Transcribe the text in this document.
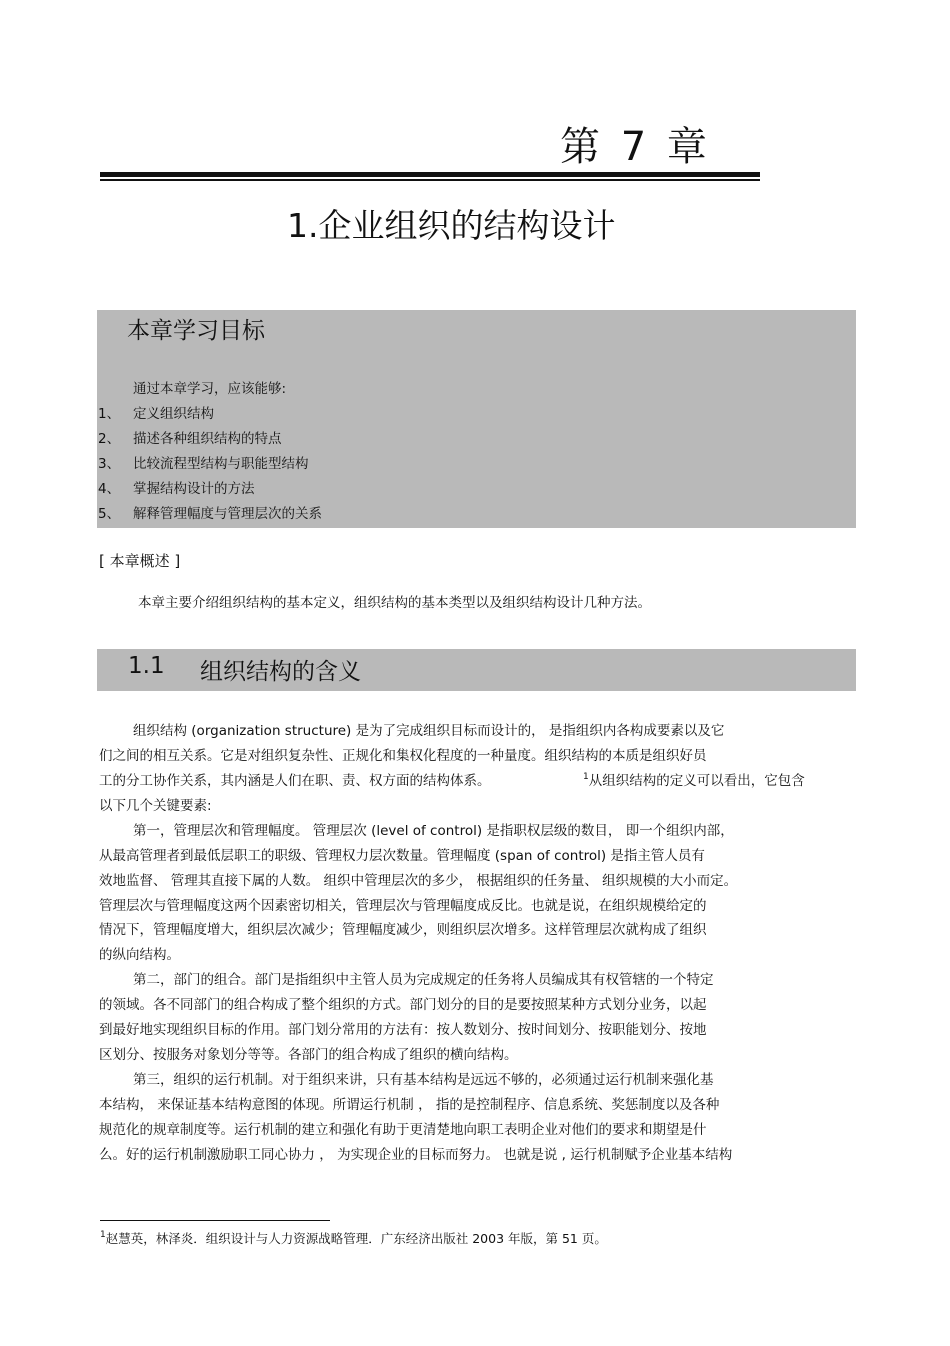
第 7 章
1.企业组织的结构设计
本章学习目标
通过本章学习，应该能够:
1、 定义组织结构
2、 描述各种组织结构的特点
3、 比较流程型结构与职能型结构
4、 掌握结构设计的方法
5、 解释管理幅度与管理层次的关系
[ 本章概述 ]
本章主要介绍组织结构的基本定义，组织结构的基本类型以及组织结构设计几种方法。
1.1 组织结构的含义
组织结构 (organization structure) 是为了完成组织目标而设计的， 是指组织内各构成要素以及它
们之间的相互关系。它是对组织复杂性、正规化和集权化程度的一种量度。组织结构的本质是组织好员
工的分工协作关系，其内涵是人们在职、责、权方面的结构体系。	$^1$从组织结构的定义可以看出，它包含
以下几个关键要素:
第一，管理层次和管理幅度。 管理层次 (level of control) 是指职权层级的数目， 即一个组织内部，
从最高管理者到最低层职工的职级、管理权力层次数量。管理幅度 (span of control) 是指主管人员有
效地监督、 管理其直接下属的人数。 组织中管理层次的多少， 根据组织的任务量、 组织规模的大小而定。
管理层次与管理幅度这两个因素密切相关，管理层次与管理幅度成反比。也就是说，在组织规模给定的
情况下，管理幅度增大，组织层次减少；管理幅度减少，则组织层次增多。这样管理层次就构成了组织
的纵向结构。
第二，部门的组合。部门是指组织中主管人员为完成规定的任务将人员编成其有权管辖的一个特定
的领域。各不同部门的组合构成了整个组织的方式。部门划分的目的是要按照某种方式划分业务，以起
到最好地实现组织目标的作用。部门划分常用的方法有：按人数划分、按时间划分、按职能划分、按地
区划分、按服务对象划分等等。各部门的组合构成了组织的横向结构。
第三，组织的运行机制。对于组织来讲，只有基本结构是远远不够的，必须通过运行机制来强化基
本结构， 来保证基本结构意图的体现。所谓运行机制 ， 指的是控制程序、信息系统、奖惩制度以及各种
规范化的规章制度等。运行机制的建立和强化有助于更清楚地向职工表明企业对他们的要求和期望是什
么。好的运行机制激励职工同心协力 ， 为实现企业的目标而努力。 也就是说 , 运行机制赋予企业基本结构
$^1$赵慧英，林泽炎．组织设计与人力资源战略管理．广东经济出版社 2003 年版，第 51 页。
